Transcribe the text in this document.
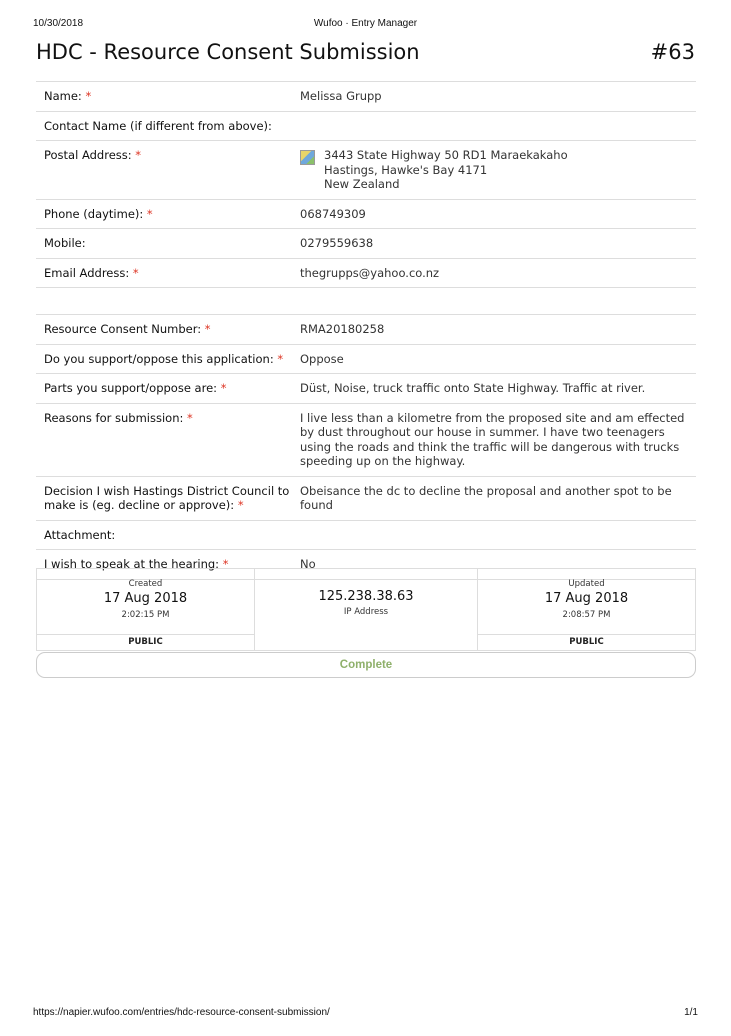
10/30/2018	Wufoo · Entry Manager
HDC - Resource Consent Submission	#63
Name: *	Melissa Grupp
Contact Name (if different from above):
Postal Address: *	3443 State Highway 50 RD1 Maraekakaho
Hastings, Hawke's Bay 4171
New Zealand
Phone (daytime): *	068749309
Mobile:	0279559638
Email Address: *	thegrupps@yahoo.co.nz
Resource Consent Number: *	RMA20180258
Do you support/oppose this application: *	Oppose
Parts you support/oppose are: *	Düst, Noise, truck traffic onto State Highway. Traffic at river.
Reasons for submission: *	I live less than a kilometre from the proposed site and am effected by dust throughout our house in summer. I have two teenagers using the roads and think the traffic will be dangerous with trucks speeding up on the highway.
Decision I wish Hastings District Council to make is (eg. decline or approve): *
Obeisance the dc to decline the proposal and another spot to be found
Attachment:
I wish to speak at the hearing: *	No
Created
17 Aug 2018
2:02:15 PM
PUBLIC
125.238.38.63
IP Address
Updated
17 Aug 2018
2:08:57 PM
PUBLIC
Complete
https://napier.wufoo.com/entries/hdc-resource-consent-submission/	1/1
